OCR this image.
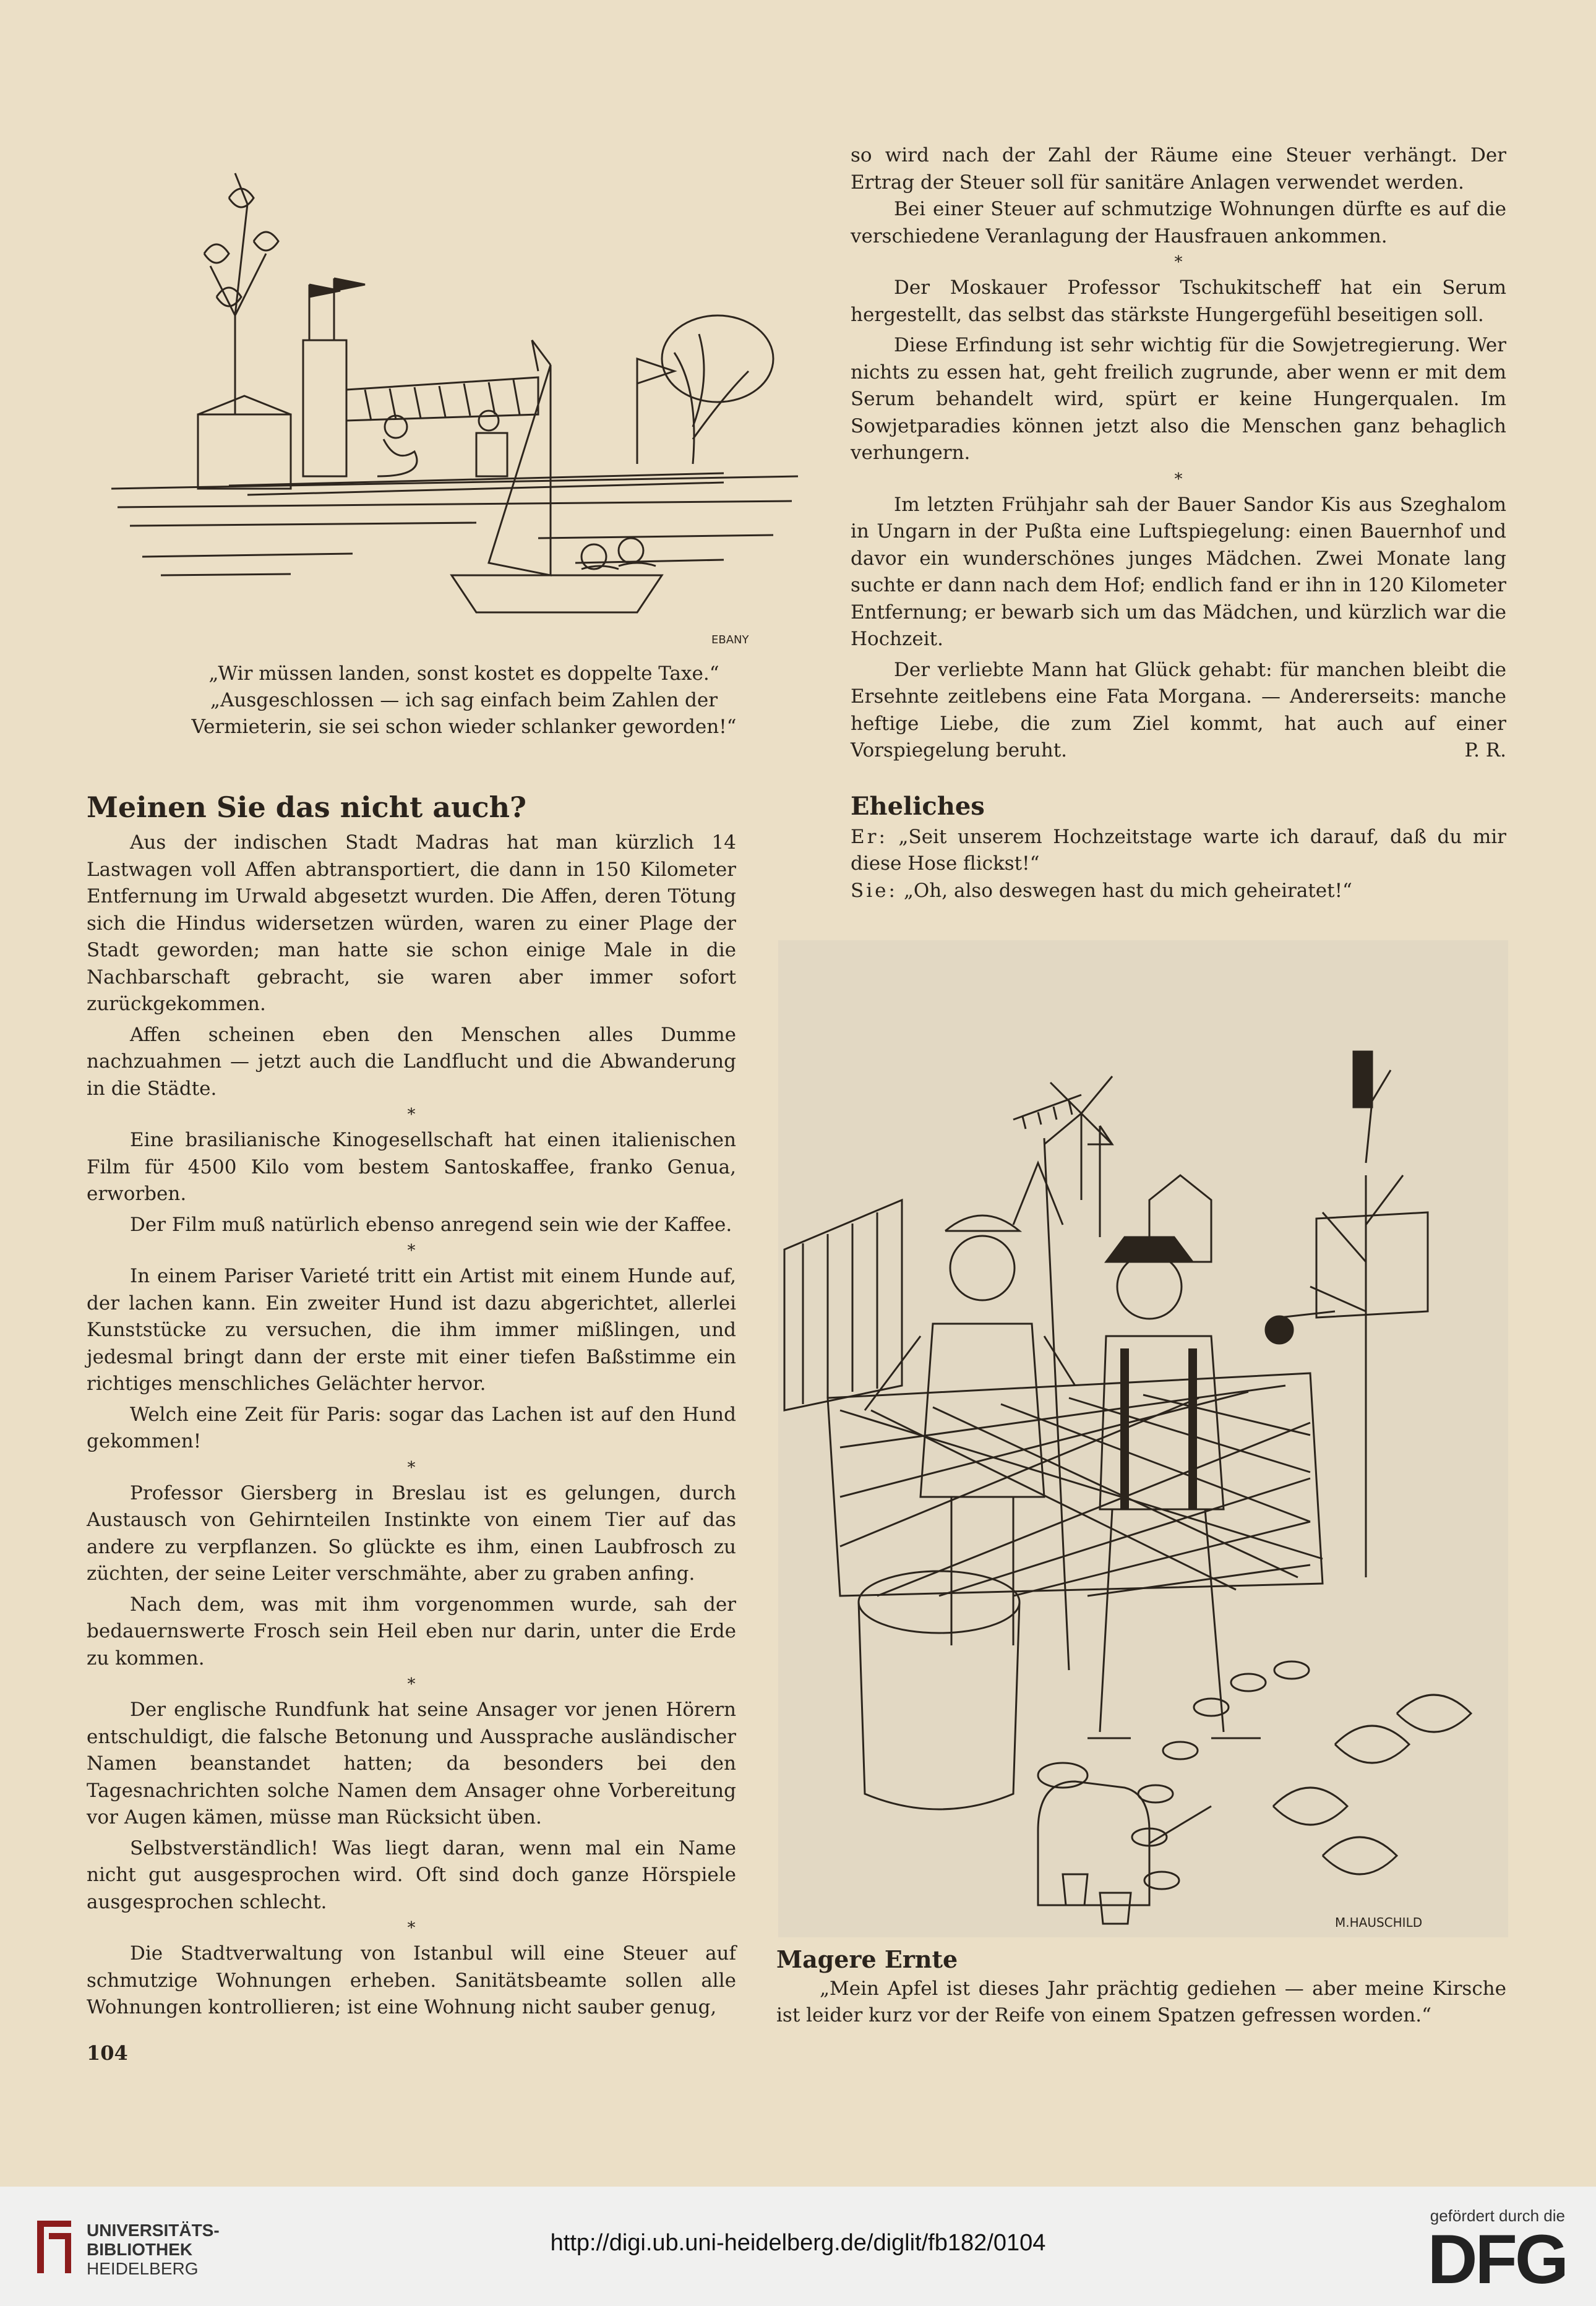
EBANY
„Wir müssen landen, sonst kostet es doppelte Taxe.“
„Ausgeschlossen — ich sag einfach beim Zahlen der
Vermieterin, sie sei schon wieder schlanker geworden!“
Meinen Sie das nicht auch?

Aus der indischen Stadt Madras hat man kürzlich 14 Lastwagen voll Affen abtransportiert, die dann in 150 Kilometer Entfernung im Urwald abgesetzt wurden. Die Affen, deren Tötung sich die Hindus widersetzen würden, waren zu einer Plage der Stadt geworden; man hatte sie schon einige Male in die Nachbarschaft gebracht, sie waren aber immer sofort zurückgekommen.

Affen scheinen eben den Menschen alles Dumme nachzuahmen — jetzt auch die Landflucht und die Abwanderung in die Städte.

*

Eine brasilianische Kinogesellschaft hat einen italienischen Film für 4500 Kilo vom bestem Santoskaffee, franko Genua, erworben.

Der Film muß natürlich ebenso anregend sein wie der Kaffee.

*

In einem Pariser Varieté tritt ein Artist mit einem Hunde auf, der lachen kann. Ein zweiter Hund ist dazu abgerichtet, allerlei Kunststücke zu versuchen, die ihm immer mißlingen, und jedesmal bringt dann der erste mit einer tiefen Baßstimme ein richtiges menschliches Gelächter hervor.

Welch eine Zeit für Paris: sogar das Lachen ist auf den Hund gekommen!

*

Professor Giersberg in Breslau ist es gelungen, durch Austausch von Gehirnteilen Instinkte von einem Tier auf das andere zu verpflanzen. So glückte es ihm, einen Laubfrosch zu züchten, der seine Leiter verschmähte, aber zu graben anfing.

Nach dem, was mit ihm vorgenommen wurde, sah der bedauernswerte Frosch sein Heil eben nur darin, unter die Erde zu kommen.

*

Der englische Rundfunk hat seine Ansager vor jenen Hörern entschuldigt, die falsche Betonung und Aussprache ausländischer Namen beanstandet hatten; da besonders bei den Tagesnachrichten solche Namen dem Ansager ohne Vorbereitung vor Augen kämen, müsse man Rücksicht üben.

Selbstverständlich! Was liegt daran, wenn mal ein Name nicht gut ausgesprochen wird. Oft sind doch ganze Hörspiele ausgesprochen schlecht.

*

Die Stadtverwaltung von Istanbul will eine Steuer auf schmutzige Wohnungen erheben. Sanitätsbeamte sollen alle Wohnungen kontrollieren; ist eine Wohnung nicht sauber genug,

104

so wird nach der Zahl der Räume eine Steuer verhängt. Der Ertrag der Steuer soll für sanitäre Anlagen verwendet werden.

Bei einer Steuer auf schmutzige Wohnungen dürfte es auf die verschiedene Veranlagung der Hausfrauen ankommen.

*

Der Moskauer Professor Tschukitscheff hat ein Serum hergestellt, das selbst das stärkste Hungergefühl beseitigen soll.

Diese Erfindung ist sehr wichtig für die Sowjetregierung. Wer nichts zu essen hat, geht freilich zugrunde, aber wenn er mit dem Serum behandelt wird, spürt er keine Hungerqualen. Im Sowjetparadies können jetzt also die Menschen ganz behaglich verhungern.

*

Im letzten Frühjahr sah der Bauer Sandor Kis aus Szeghalom in Ungarn in der Pußta eine Luftspiegelung: einen Bauernhof und davor ein wunderschönes junges Mädchen. Zwei Monate lang suchte er dann nach dem Hof; endlich fand er ihn in 120 Kilometer Entfernung; er bewarb sich um das Mädchen, und kürzlich war die Hochzeit.

Der verliebte Mann hat Glück gehabt: für manchen bleibt die Ersehnte zeitlebens eine Fata Morgana. — Andererseits: manche heftige Liebe, die zum Ziel kommt, hat auch auf einer Vorspiegelung beruht.	P. R.

Eheliches

Er: „Seit unserem Hochzeitstage warte ich darauf, daß du mir diese Hose flickst!“

Sie: „Oh, also deswegen hast du mich geheiratet!“

M.HAUSCHILD
Magere Ernte

„Mein Apfel ist dieses Jahr prächtig gediehen — aber meine Kirsche ist leider kurz vor der Reife von einem Spatzen gefressen worden.“

UNIVERSITÄTS-
BIBLIOTHEK
HEIDELBERG
http://digi.ub.uni-heidelberg.de/diglit/fb182/0104
gefördert durch die
DFG
